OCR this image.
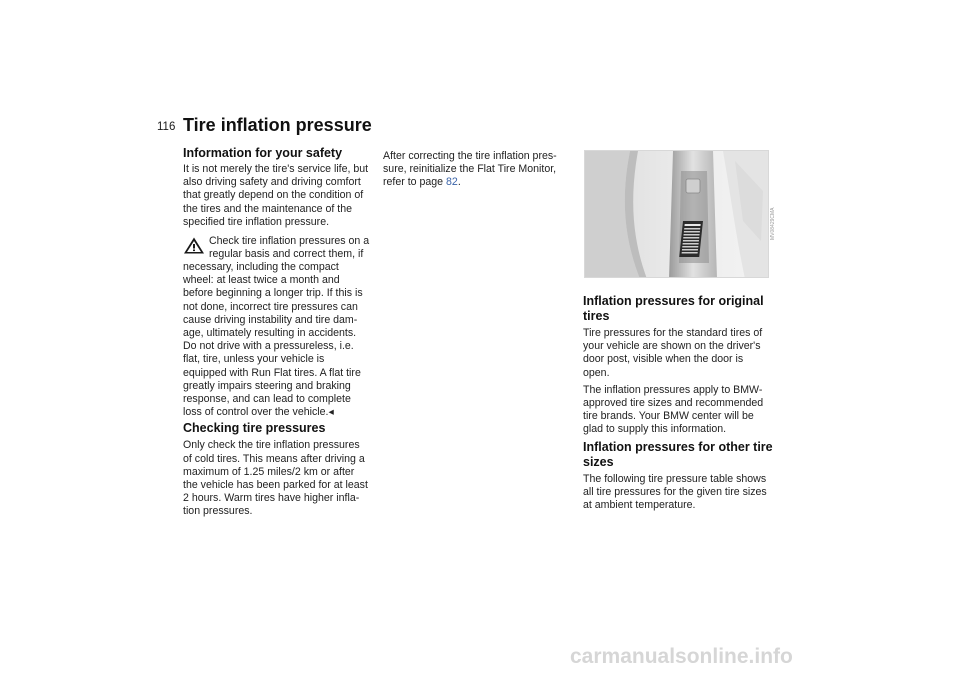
116 Tire inflation pressure
Information for your safety

It is not merely the tire's service life, but

also driving safety and driving comfort

that greatly depend on the condition of

the tires and the maintenance of the

specified tire inflation pressure.

Check tire inflation pressures on a

regular basis and correct them, if

necessary, including the compact

wheel: at least twice a month and

before beginning a longer trip. If this is

not done, incorrect tire pressures can

cause driving instability and tire dam-

age, ultimately resulting in accidents.

Do not drive with a pressureless, i.e.

flat, tire, unless your vehicle is

equipped with Run Flat tires. A flat tire

greatly impairs steering and braking

response, and can lead to complete

loss of control over the vehicle.◂

Checking tire pressures

Only check the tire inflation pressures

of cold tires. This means after driving a

maximum of 1.25 miles/2 km or after

the vehicle has been parked for at least

2 hours. Warm tires have higher infla-

tion pressures.

After correcting the tire inflation pres-

sure, reinitialize the Flat Tire Monitor,

refer to page 82.

MV08429CMA
Inflation pressures for original
tires

Tire pressures for the standard tires of

your vehicle are shown on the driver's

door post, visible when the door is

open.

The inflation pressures apply to BMW-

approved tire sizes and recommended

tire brands. Your BMW center will be

glad to supply this information.

Inflation pressures for other tire
sizes

The following tire pressure table shows

all tire pressures for the given tire sizes

at ambient temperature.

carmanualsonline.info
